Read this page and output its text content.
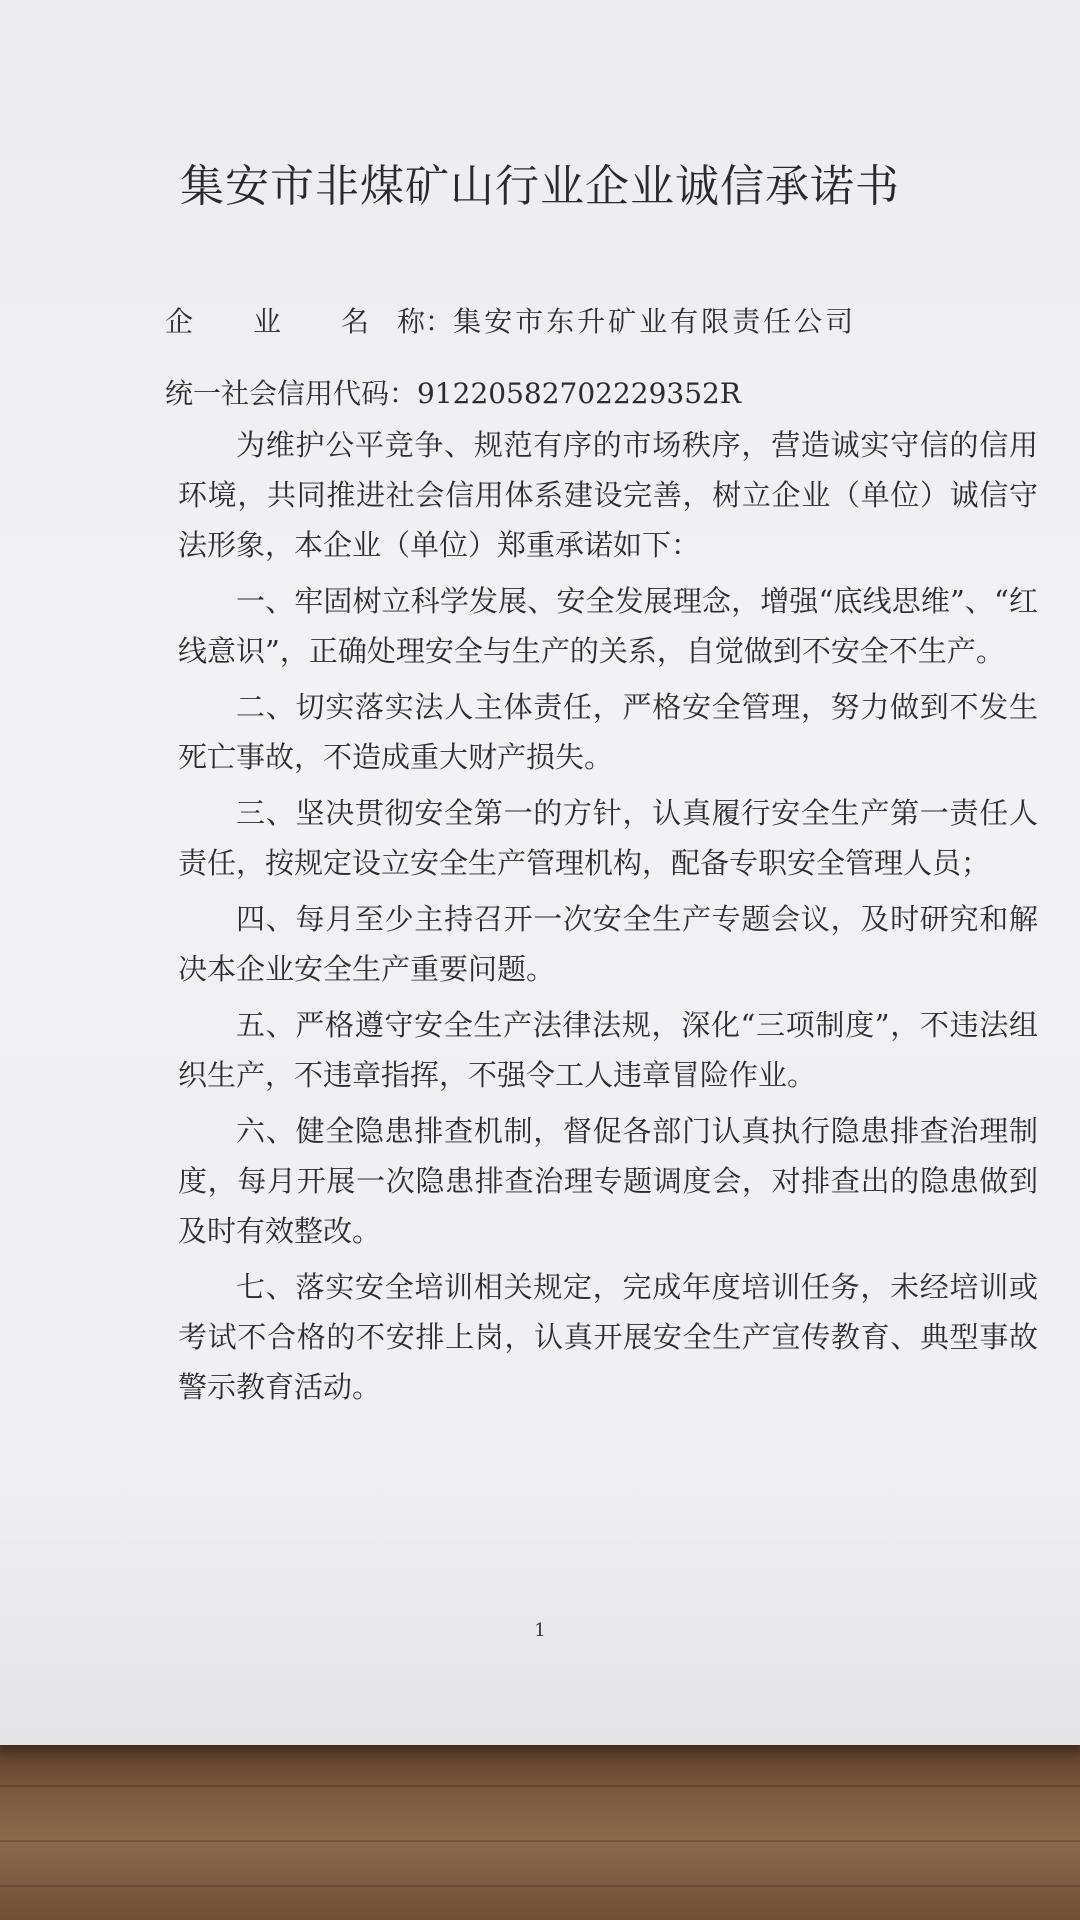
集安市非煤矿山行业企业诚信承诺书
企 业 名 称：集安市东升矿业有限责任公司
统一社会信用代码：91220582702229352R

为维护公平竞争、规范有序的市场秩序，营造诚实守信的信用环境，共同推进社会信用体系建设完善，树立企业（单位）诚信守法形象，本企业（单位）郑重承诺如下：

一、牢固树立科学发展、安全发展理念，增强“底线思维”、“红线意识”，正确处理安全与生产的关系，自觉做到不安全不生产。

二、切实落实法人主体责任，严格安全管理，努力做到不发生死亡事故，不造成重大财产损失。

三、坚决贯彻安全第一的方针，认真履行安全生产第一责任人责任，按规定设立安全生产管理机构，配备专职安全管理人员；

四、每月至少主持召开一次安全生产专题会议，及时研究和解决本企业安全生产重要问题。

五、严格遵守安全生产法律法规，深化“三项制度”，不违法组织生产，不违章指挥，不强令工人违章冒险作业。

六、健全隐患排查机制，督促各部门认真执行隐患排查治理制度，每月开展一次隐患排查治理专题调度会，对排查出的隐患做到及时有效整改。

七、落实安全培训相关规定，完成年度培训任务，未经培训或考试不合格的不安排上岗，认真开展安全生产宣传教育、典型事故警示教育活动。

1
